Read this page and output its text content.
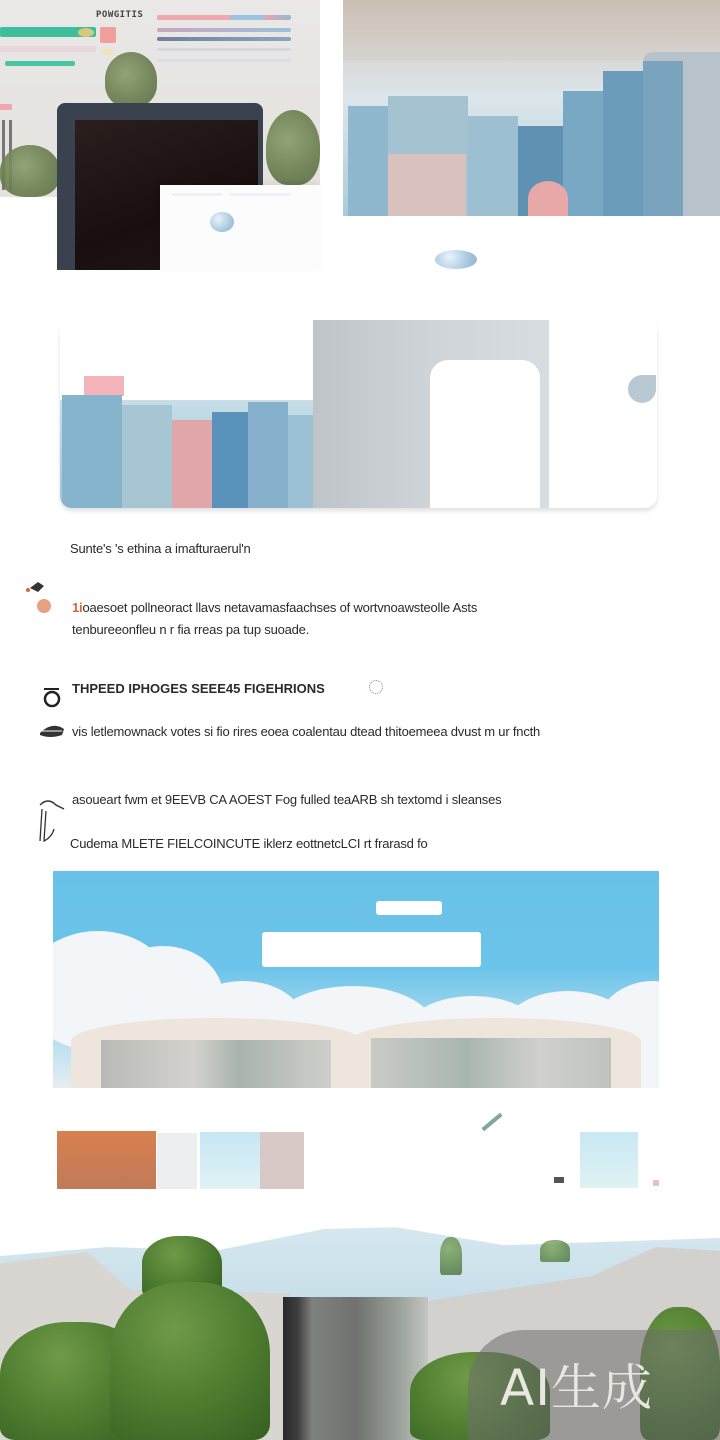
POWGITIS
Sunte's 's ethina a imafturaerul'n
1ioaesoet pollneoract llavs netavamasfaachses of wortvnoawsteolle Asts
tenbureeonfleu n r fia rreas pa tup suoade.
THPEED IPHOGES SEEE45 FIGEHRIONS
vis letlemownack votes si fio rires eoea coalentau dtead thitoemeea dvust m ur fncth
asoueart fwm et 9EEVB CA AOEST Fog fulled teaARB sh textomd i sleanses
Cudema MLETE FIELCOINCUTE iklerz eottnetcLCI rt frarasd fo
AI生成
